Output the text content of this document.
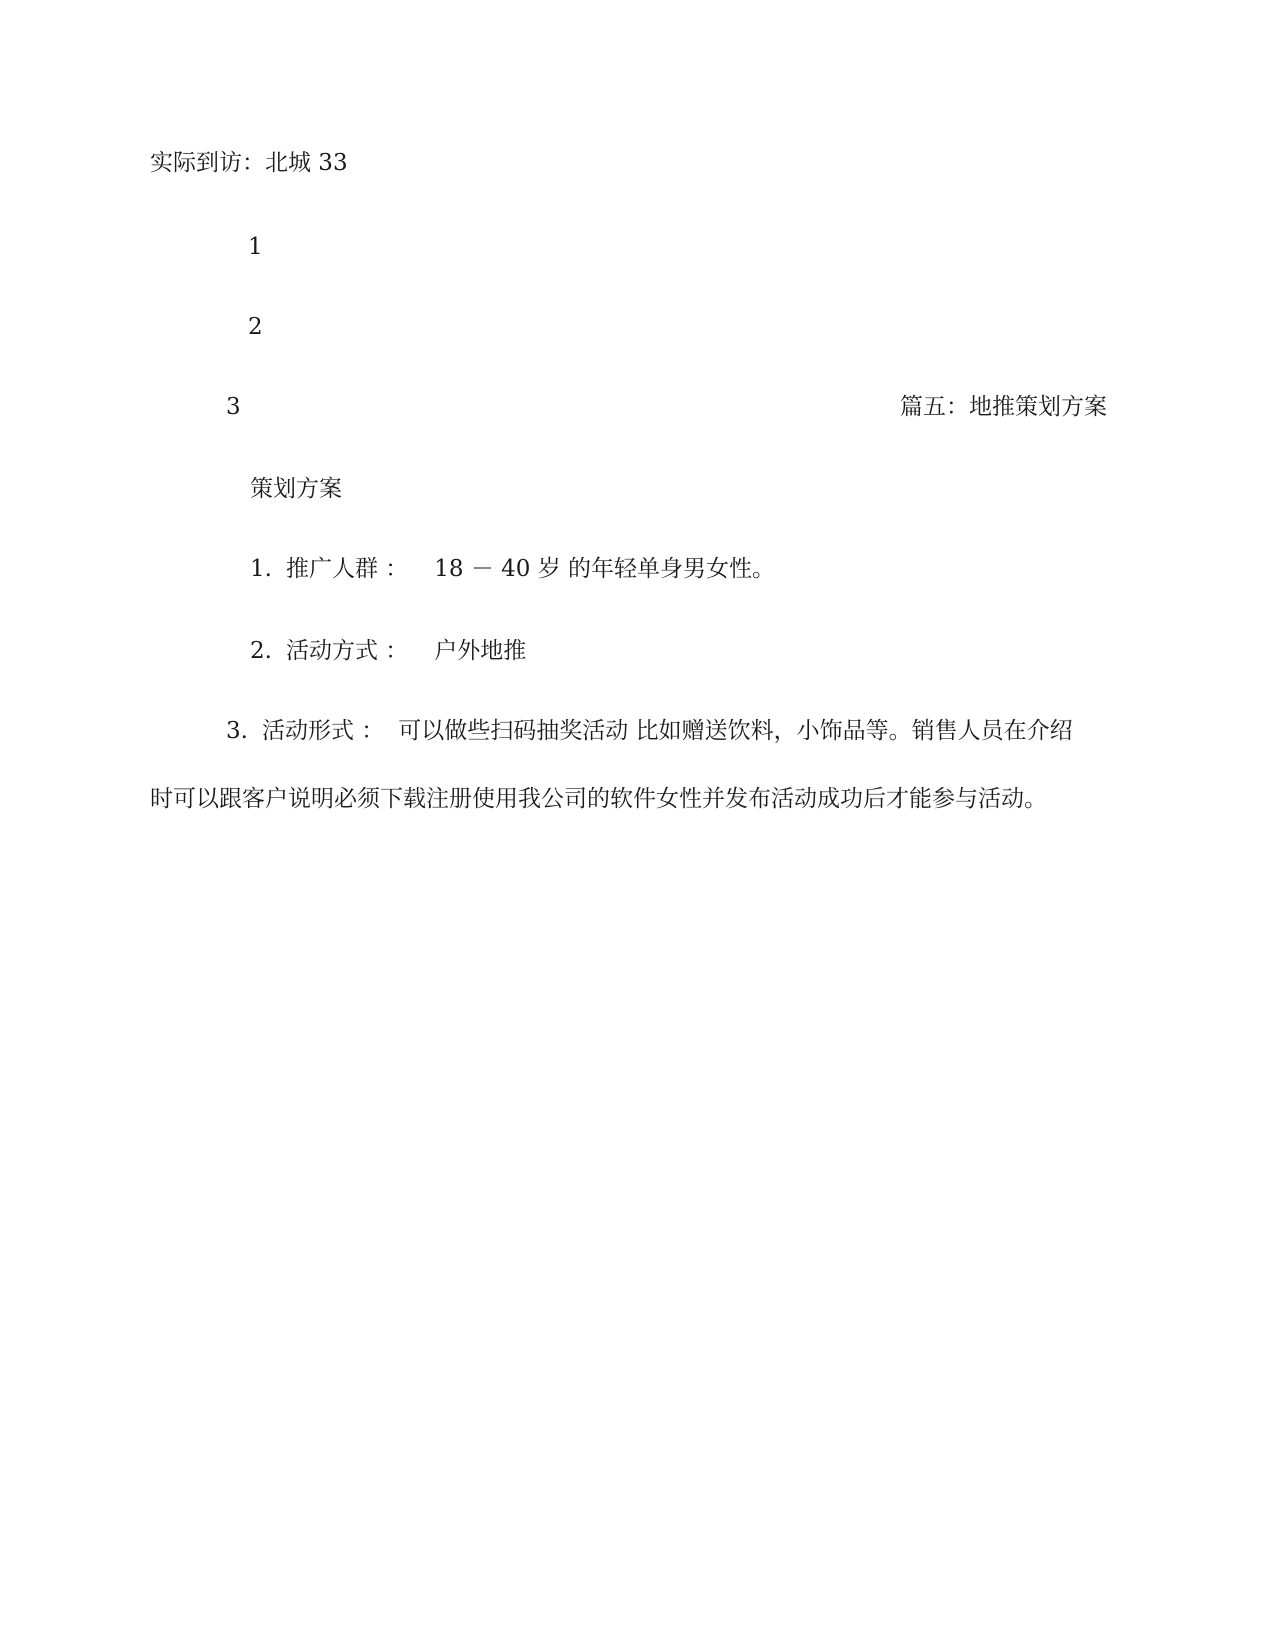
实际到访：北城 33
1
2
3	篇五：地推策划方案
策划方案
1. 推广人群 ： 18 － 40 岁 的年轻单身男女性。
2. 活动方式 ： 户外地推
3. 活动形式 ： 可以做些扫码抽奖活动 比如赠送饮料，小饰品等。销售人员在介绍
时可以跟客户说明必须下载注册使用我公司的软件女性并发布活动成功后才能参与活动。
